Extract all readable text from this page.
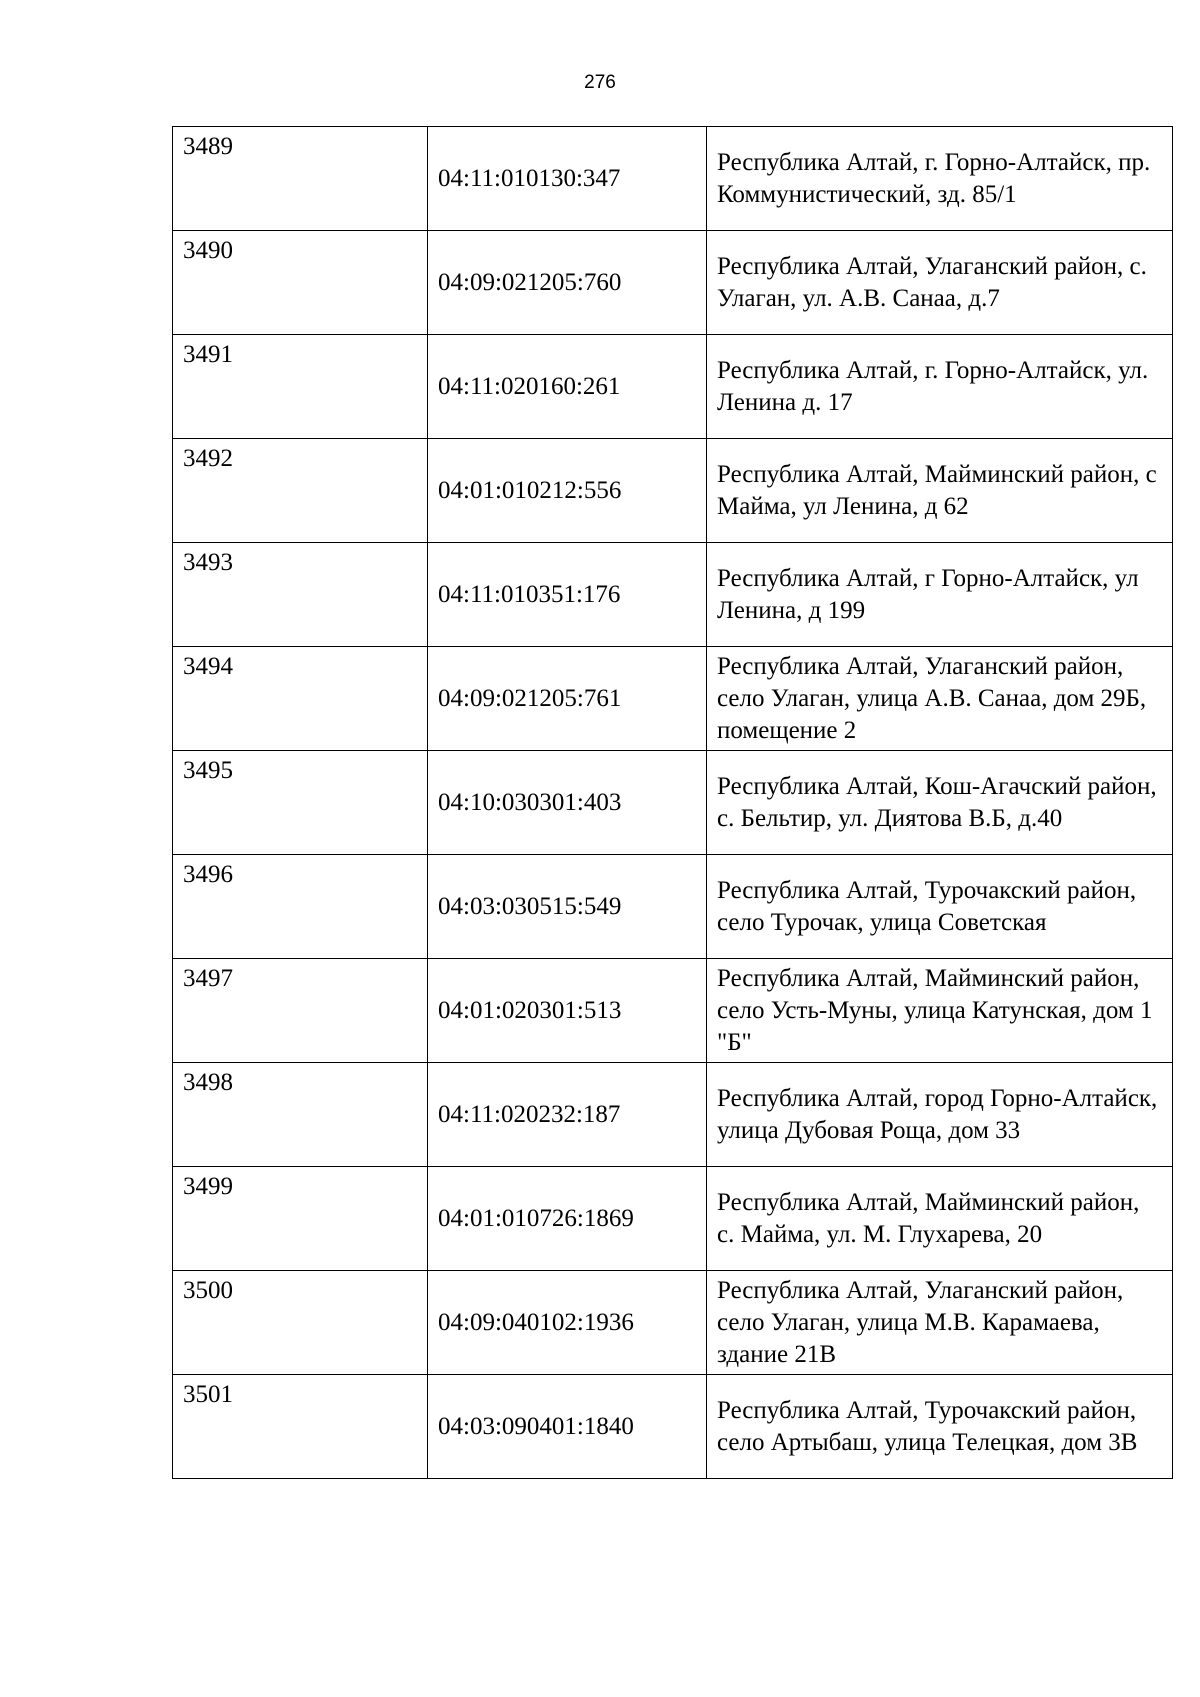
276
3489	04:11:010130:347	Республика Алтай, г. Горно-Алтайск, пр. Коммунистический, зд. 85/1
3490	04:09:021205:760	Республика Алтай, Улаганский район, с. Улаган, ул. А.В. Санаа, д.7
3491	04:11:020160:261	Республика Алтай, г. Горно-Алтайск, ул. Ленина д. 17
3492	04:01:010212:556	Республика Алтай, Майминский район, с Майма, ул Ленина, д 62
3493	04:11:010351:176	Республика Алтай, г Горно-Алтайск, ул Ленина, д 199
3494	04:09:021205:761	Республика Алтай, Улаганский район, село Улаган, улица А.В. Санаа, дом 29Б, помещение 2
3495	04:10:030301:403	Республика Алтай, Кош-Агачский район, с. Бельтир, ул. Диятова В.Б, д.40
3496	04:03:030515:549	Республика Алтай, Турочакский район, село Турочак, улица Советская
3497	04:01:020301:513	Республика Алтай, Майминский район, село Усть-Муны, улица Катунская, дом 1 "Б"
3498	04:11:020232:187	Республика Алтай, город Горно-Алтайск, улица Дубовая Роща, дом 33
3499	04:01:010726:1869	Республика Алтай, Майминский район, с. Майма, ул. М. Глухарева, 20
3500	04:09:040102:1936	Республика Алтай, Улаганский район, село Улаган, улица М.В. Карамаева, здание 21В
3501	04:03:090401:1840	Республика Алтай, Турочакский район, село Артыбаш, улица Телецкая, дом 3В
